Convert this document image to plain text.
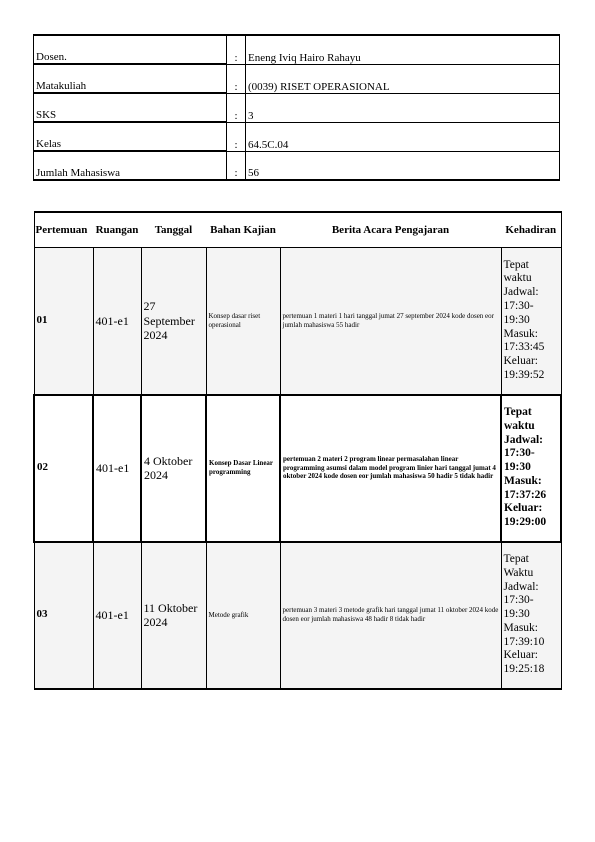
Dosen.	:	Eneng Iviq Hairo Rahayu
Matakuliah	:	(0039) RISET OPERASIONAL
SKS	:	3
Kelas	:	64.5C.04
Jumlah Mahasiswa	:	56
Pertemuan	Ruangan	Tanggal	Bahan Kajian	Berita Acara Pengajaran	Kehadiran
01	401-e1	27 September 2024	Konsep dasar riset operasional	pertemuan 1 materi 1 hari tanggal jumat 27 september 2024 kode dosen eor jumlah mahasiswa 55 hadir	Tepat waktu Jadwal: 17:30-19:30 Masuk: 17:33:45 Keluar: 19:39:52
02	401-e1	4 Oktober 2024	Konsep Dasar Linear programming	pertemuan 2 materi 2 program linear permasalahan linear programming asumsi dalam model program linier hari tanggal jumat 4 oktober 2024 kode dosen eor jumlah mahasiswa 50 hadir 5 tidak hadir	Tepat waktu Jadwal: 17:30-19:30 Masuk: 17:37:26 Keluar: 19:29:00
03	401-e1	11 Oktober 2024	Metode grafik	pertemuan 3 materi 3 metode grafik hari tanggal jumat 11 oktober 2024 kode dosen eor jumlah mahasiswa 48 hadir 8 tidak hadir	Tepat Waktu Jadwal: 17:30-19:30 Masuk: 17:39:10 Keluar: 19:25:18
